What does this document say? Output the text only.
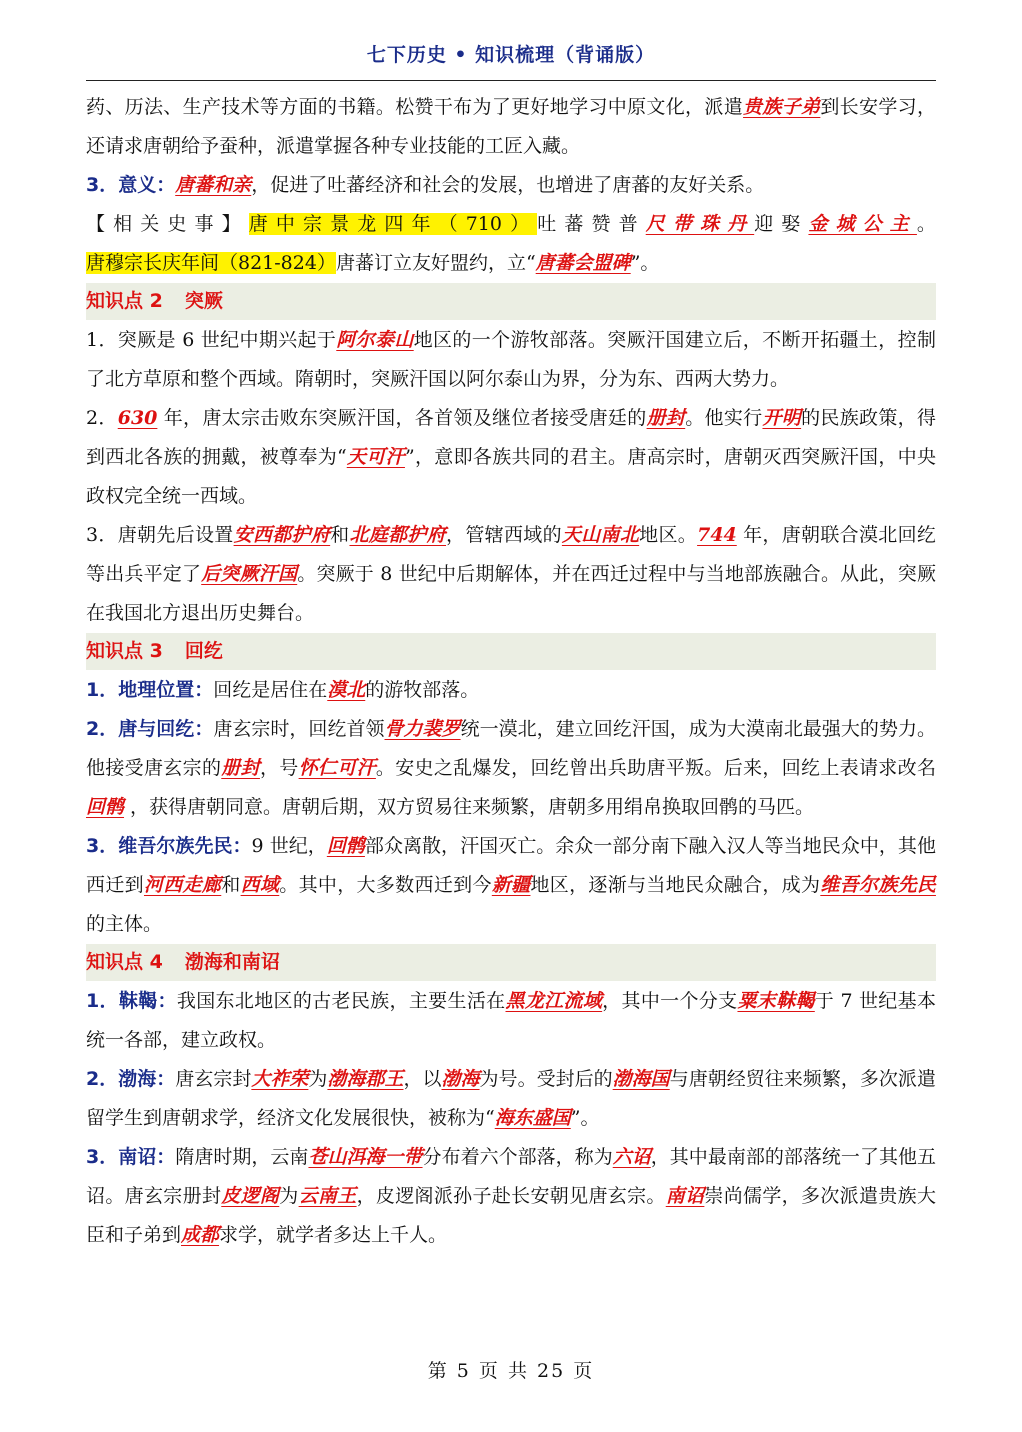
七下历史 • 知识梳理（背诵版）

药、历法、生产技术等方面的书籍。松赞干布为了更好地学习中原文化，派遣贵族子弟到长安学习，还请求唐朝给予蚕种，派遣掌握各种专业技能的工匠入藏。

3．意义：唐蕃和亲，促进了吐蕃经济和社会的发展，也增进了唐蕃的友好关系。

【相关史事】唐中宗景龙四年（710）吐蕃赞普尺带珠丹迎娶金城公主。唐穆宗长庆年间（821-824）唐蕃订立友好盟约，立“唐蕃会盟碑”。

知识点 2 突厥

1．突厥是 6 世纪中期兴起于阿尔泰山地区的一个游牧部落。突厥汗国建立后，不断开拓疆土，控制了北方草原和整个西域。隋朝时，突厥汗国以阿尔泰山为界，分为东、西两大势力。

2．630 年，唐太宗击败东突厥汗国，各首领及继位者接受唐廷的册封。他实行开明的民族政策，得到西北各族的拥戴，被尊奉为“天可汗”，意即各族共同的君主。唐高宗时，唐朝灭西突厥汗国，中央政权完全统一西域。

3．唐朝先后设置安西都护府和北庭都护府，管辖西域的天山南北地区。744 年，唐朝联合漠北回纥等出兵平定了后突厥汗国。突厥于 8 世纪中后期解体，并在西迁过程中与当地部族融合。从此，突厥在我国北方退出历史舞台。

知识点 3 回纥

1．地理位置：回纥是居住在漠北的游牧部落。

2．唐与回纥：唐玄宗时，回纥首领骨力裴罗统一漠北，建立回纥汗国，成为大漠南北最强大的势力。他接受唐玄宗的册封，号怀仁可汗。安史之乱爆发，回纥曾出兵助唐平叛。后来，回纥上表请求改名回鹘 ，获得唐朝同意。唐朝后期，双方贸易往来频繁，唐朝多用绢帛换取回鹘的马匹。

3．维吾尔族先民：9 世纪，回鹘部众离散，汗国灭亡。余众一部分南下融入汉人等当地民众中，其他西迁到河西走廊和西域。其中，大多数西迁到今新疆地区，逐渐与当地民众融合，成为维吾尔族先民的主体。

知识点 4 渤海和南诏

1．靺鞨：我国东北地区的古老民族，主要生活在黑龙江流域，其中一个分支粟末靺鞨于 7 世纪基本统一各部，建立政权。

2．渤海：唐玄宗封大祚荣为渤海郡王，以渤海为号。受封后的渤海国与唐朝经贸往来频繁，多次派遣留学生到唐朝求学，经济文化发展很快，被称为“海东盛国”。

3．南诏：隋唐时期，云南苍山洱海一带分布着六个部落，称为六诏，其中最南部的部落统一了其他五诏。唐玄宗册封皮逻阁为云南王，皮逻阁派孙子赴长安朝见唐玄宗。南诏崇尚儒学，多次派遣贵族大臣和子弟到成都求学，就学者多达上千人。

第 5 页 共 25 页
